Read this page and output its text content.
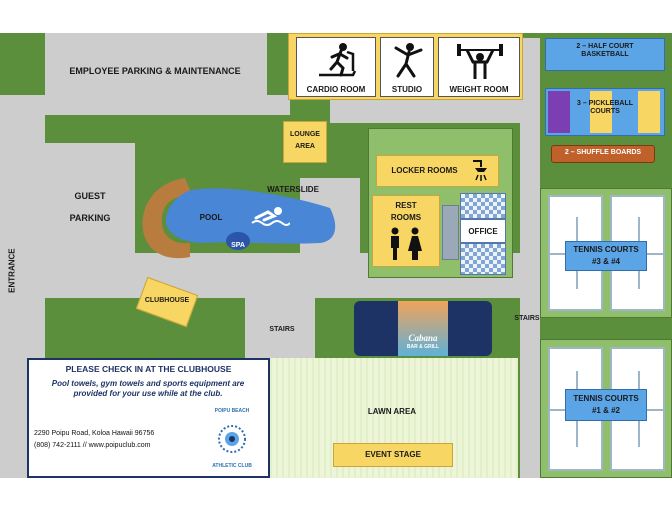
EMPLOYEE PARKING & MAINTENANCE
GUEST
PARKING
ENTRANCE
CARDIO ROOM	STUDIO	WEIGHT ROOM
LOUNGE
AREA
LOCKER ROOMS
REST
ROOMS
OFFICE
WATERSLIDE
POOL
SPA
CLUBHOUSE
STAIRS
STAIRS
Cabana
BAR & GRILL
LAWN AREA
EVENT STAGE
2 – HALF COURT BASKETBALL
3 – PICKLEBALL COURTS
2 – SHUFFLE BOARDS
TENNIS COURTS
#3 & #4
TENNIS COURTS
#1 & #2
PLEASE CHECK IN AT THE CLUBHOUSE
Pool towels, gym towels and sports equipment are provided for your use while at the club.
2290 Poipu Road, Koloa Hawaii 96756
(808) 742-2111 // www.poipuclub.com
POIPU BEACH
ATHLETIC CLUB
